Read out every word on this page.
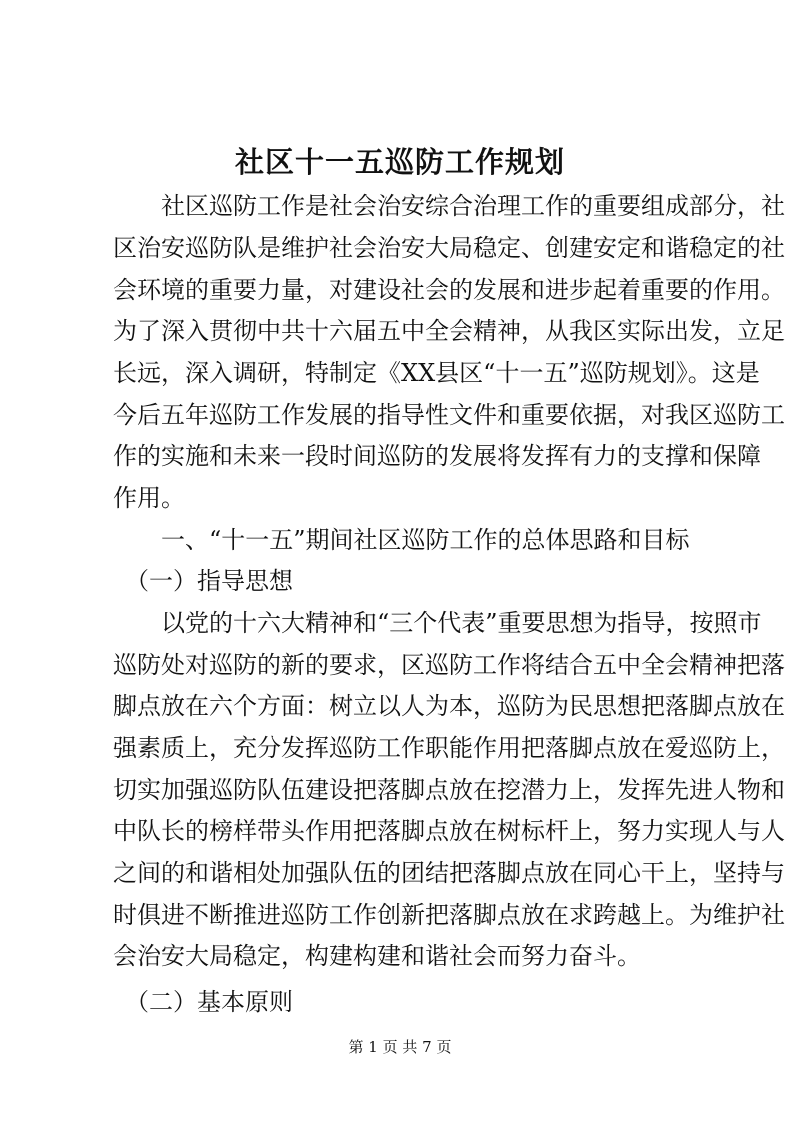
社区十一五巡防工作规划
　　社区巡防工作是社会治安综合治理工作的重要组成部分，社
区治安巡防队是维护社会治安大局稳定、创建安定和谐稳定的社
会环境的重要力量，对建设社会的发展和进步起着重要的作用。
为了深入贯彻中共十六届五中全会精神，从我区实际出发，立足
长远，深入调研，特制定《XX县区“十一五”巡防规划》。这是
今后五年巡防工作发展的指导性文件和重要依据，对我区巡防工
作的实施和未来一段时间巡防的发展将发挥有力的支撑和保障
作用。
　　一、“十一五”期间社区巡防工作的总体思路和目标
　（一）指导思想
　　以党的十六大精神和“三个代表”重要思想为指导，按照市
巡防处对巡防的新的要求，区巡防工作将结合五中全会精神把落
脚点放在六个方面：树立以人为本，巡防为民思想把落脚点放在
强素质上，充分发挥巡防工作职能作用把落脚点放在爱巡防上，
切实加强巡防队伍建设把落脚点放在挖潜力上，发挥先进人物和
中队长的榜样带头作用把落脚点放在树标杆上，努力实现人与人
之间的和谐相处加强队伍的团结把落脚点放在同心干上，坚持与
时俱进不断推进巡防工作创新把落脚点放在求跨越上。为维护社
会治安大局稳定，构建构建和谐社会而努力奋斗。
　（二）基本原则
第 1 页 共 7 页
